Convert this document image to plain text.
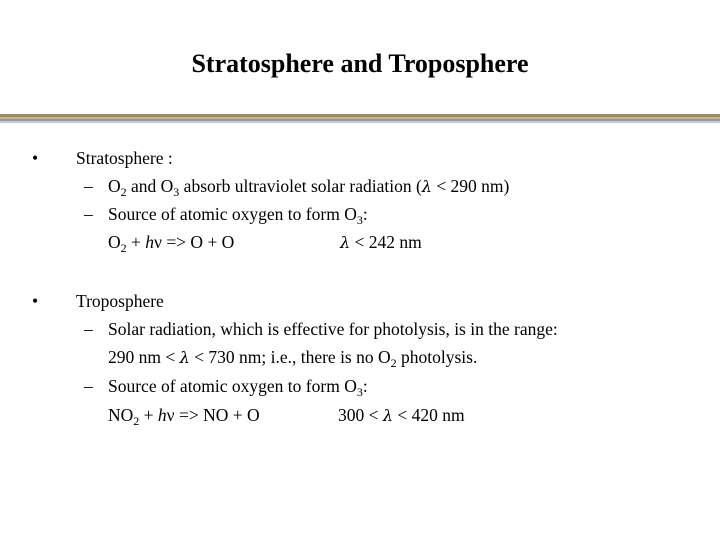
Stratosphere and Troposphere
• Stratosphere :
– $O_2$ and $O_3$ absorb ultraviolet solar radiation (λ < 290 nm)
– Source of atomic oxygen to form $O_3$:
$O_2 + h\nu => O + O$	λ < 242 nm
• Troposphere
– Solar radiation, which is effective for photolysis, is in the range:
290 nm < λ < 730 nm; i.e., there is no $O_2$ photolysis.
– Source of atomic oxygen to form $O_3$:
$NO_2 + h\nu$ => NO + O	300 < λ < 420 nm
